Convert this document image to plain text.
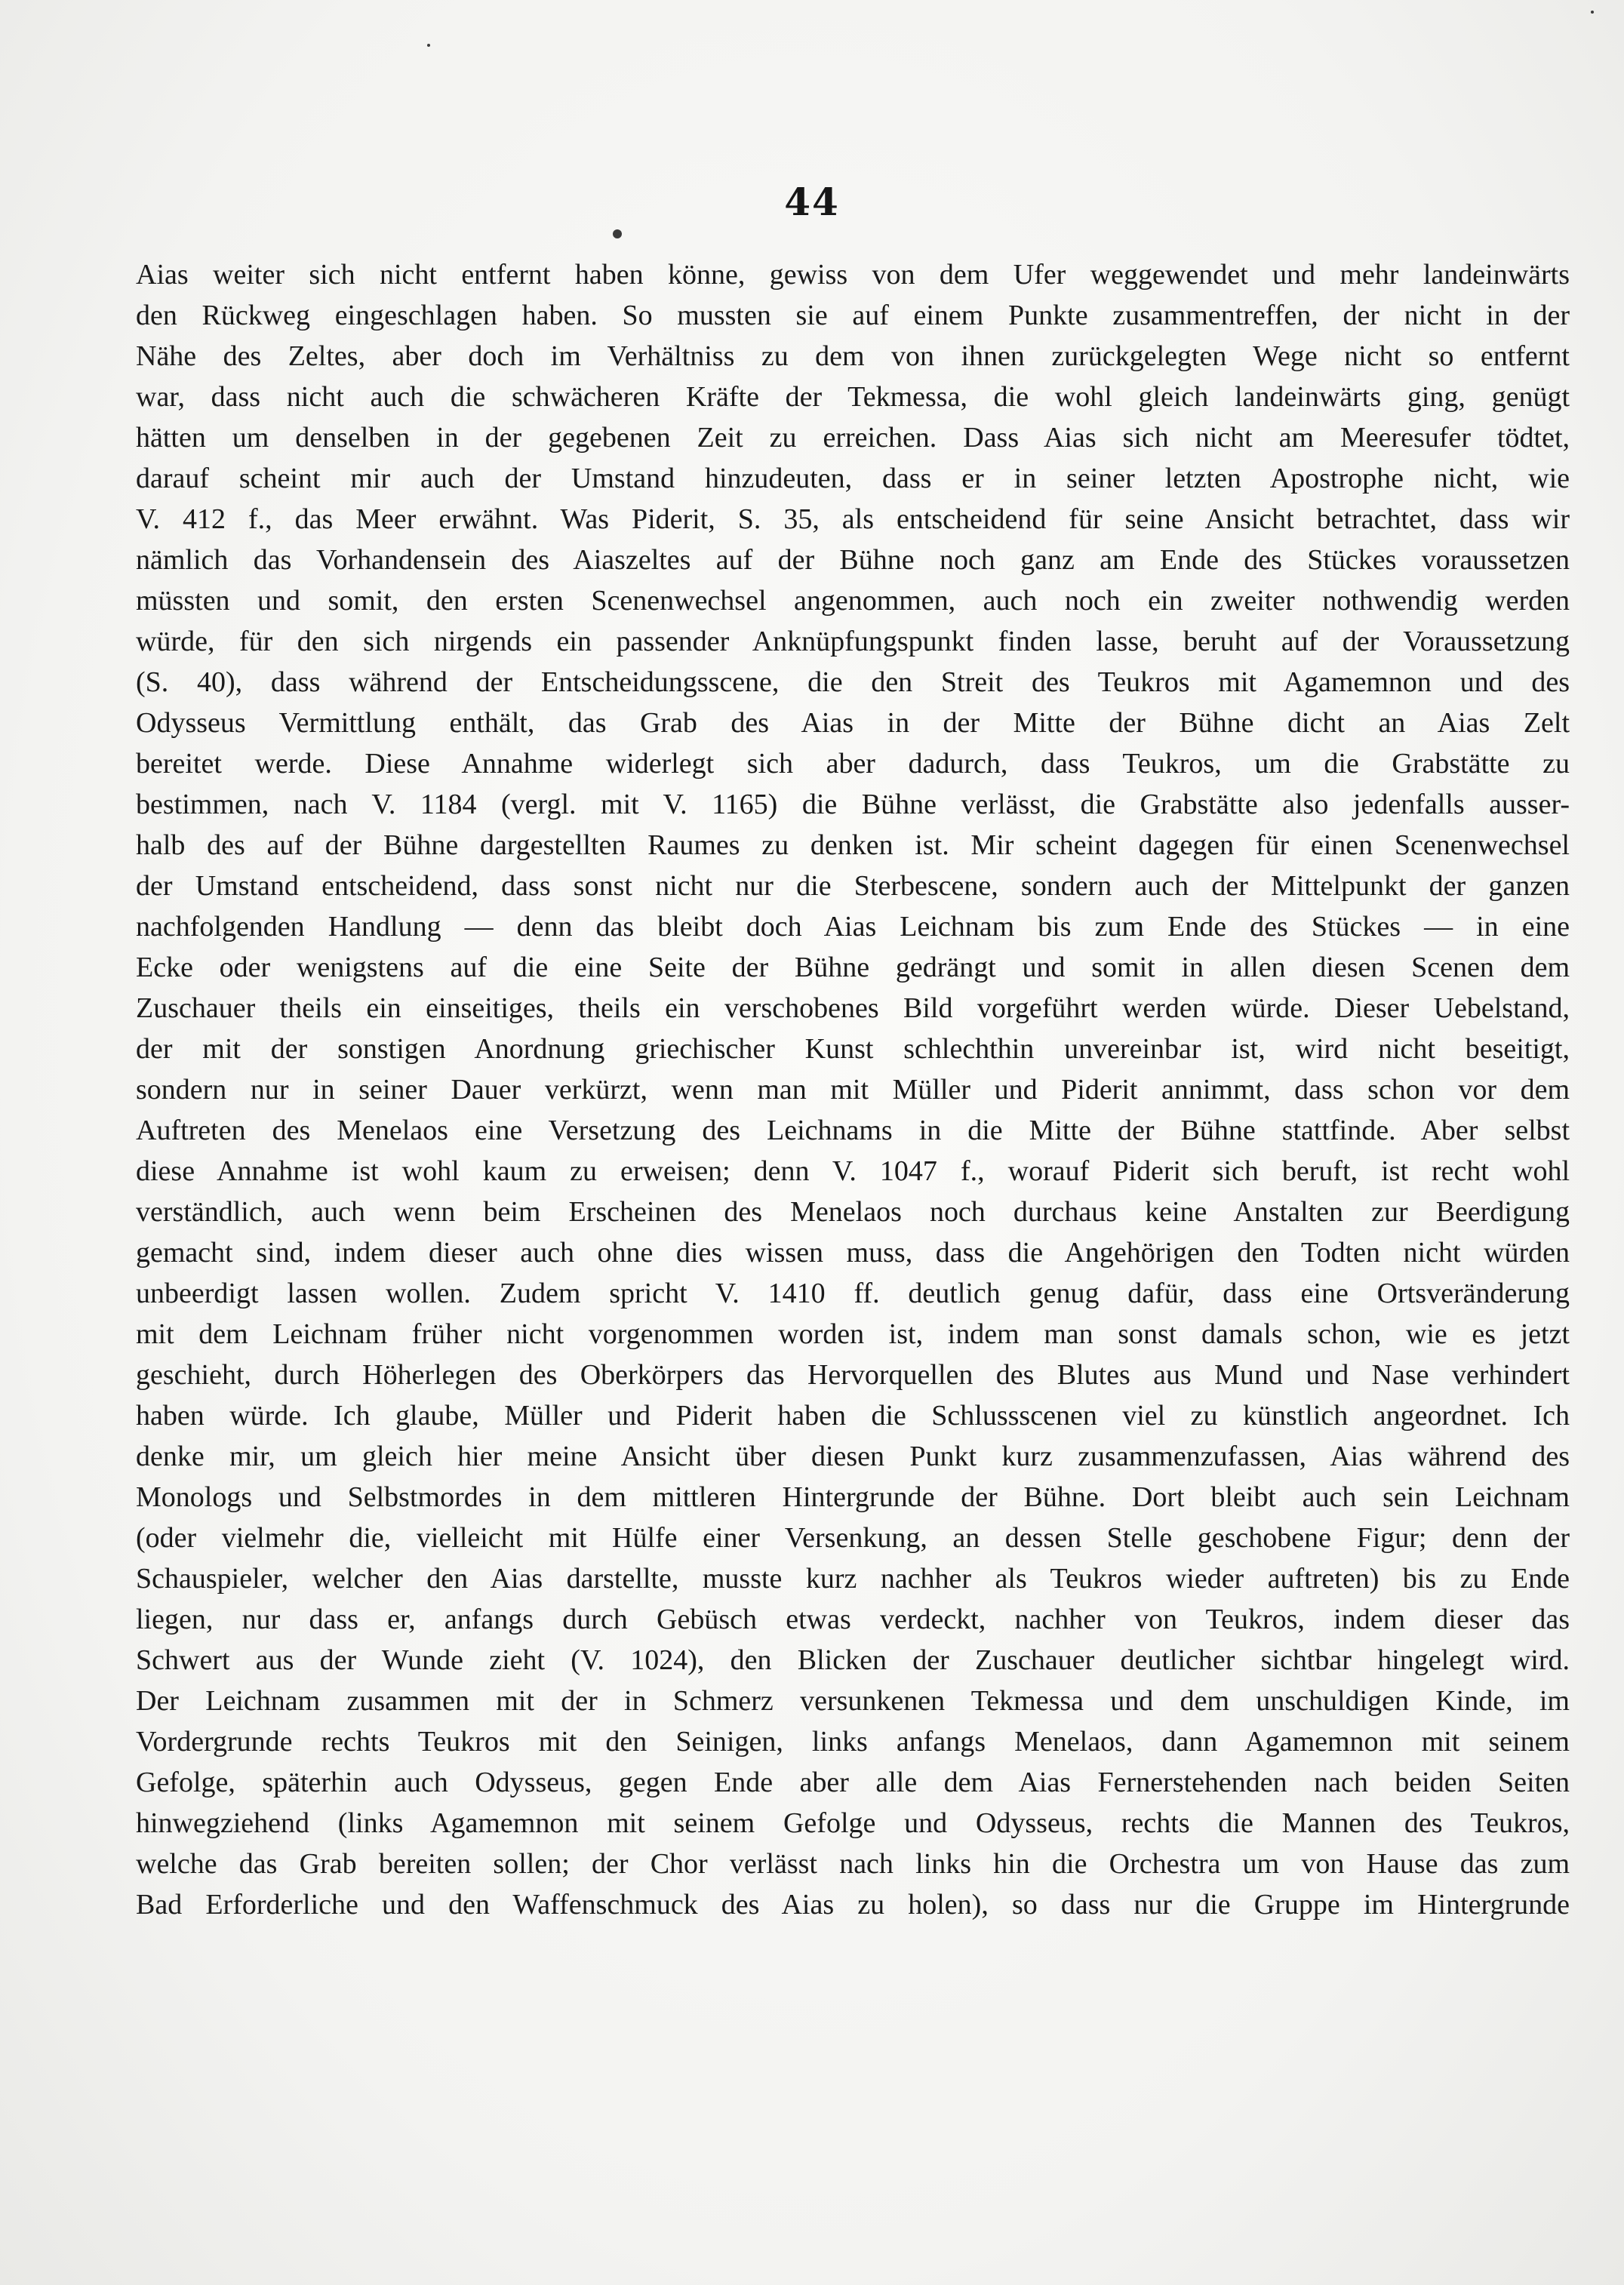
44
Aias weiter sich nicht entfernt haben könne, gewiss von dem Ufer weggewendet und mehr landeinwärts
den Rückweg eingeschlagen haben. So mussten sie auf einem Punkte zusammentreffen, der nicht in der
Nähe des Zeltes, aber doch im Verhältniss zu dem von ihnen zurückgelegten Wege nicht so entfernt
war, dass nicht auch die schwächeren Kräfte der Tekmessa, die wohl gleich landeinwärts ging, genügt
hätten um denselben in der gegebenen Zeit zu erreichen. Dass Aias sich nicht am Meeresufer tödtet,
darauf scheint mir auch der Umstand hinzudeuten, dass er in seiner letzten Apostrophe nicht, wie
V. 412 f., das Meer erwähnt. Was Piderit, S. 35, als entscheidend für seine Ansicht betrachtet, dass wir
nämlich das Vorhandensein des Aiaszeltes auf der Bühne noch ganz am Ende des Stückes voraussetzen
müssten und somit, den ersten Scenenwechsel angenommen, auch noch ein zweiter nothwendig werden
würde, für den sich nirgends ein passender Anknüpfungspunkt finden lasse, beruht auf der Voraussetzung
(S. 40), dass während der Entscheidungsscene, die den Streit des Teukros mit Agamemnon und des
Odysseus Vermittlung enthält, das Grab des Aias in der Mitte der Bühne dicht an Aias Zelt
bereitet werde. Diese Annahme widerlegt sich aber dadurch, dass Teukros, um die Grabstätte zu
bestimmen, nach V. 1184 (vergl. mit V. 1165) die Bühne verlässt, die Grabstätte also jedenfalls ausser-
halb des auf der Bühne dargestellten Raumes zu denken ist. Mir scheint dagegen für einen Scenenwechsel
der Umstand entscheidend, dass sonst nicht nur die Sterbescene, sondern auch der Mittelpunkt der ganzen
nachfolgenden Handlung — denn das bleibt doch Aias Leichnam bis zum Ende des Stückes — in eine
Ecke oder wenigstens auf die eine Seite der Bühne gedrängt und somit in allen diesen Scenen dem
Zuschauer theils ein einseitiges, theils ein verschobenes Bild vorgeführt werden würde. Dieser Uebelstand,
der mit der sonstigen Anordnung griechischer Kunst schlechthin unvereinbar ist, wird nicht beseitigt,
sondern nur in seiner Dauer verkürzt, wenn man mit Müller und Piderit annimmt, dass schon vor dem
Auftreten des Menelaos eine Versetzung des Leichnams in die Mitte der Bühne stattfinde. Aber selbst
diese Annahme ist wohl kaum zu erweisen; denn V. 1047 f., worauf Piderit sich beruft, ist recht wohl
verständlich, auch wenn beim Erscheinen des Menelaos noch durchaus keine Anstalten zur Beerdigung
gemacht sind, indem dieser auch ohne dies wissen muss, dass die Angehörigen den Todten nicht würden
unbeerdigt lassen wollen. Zudem spricht V. 1410 ff. deutlich genug dafür, dass eine Ortsveränderung
mit dem Leichnam früher nicht vorgenommen worden ist, indem man sonst damals schon, wie es jetzt
geschieht, durch Höherlegen des Oberkörpers das Hervorquellen des Blutes aus Mund und Nase verhindert
haben würde. Ich glaube, Müller und Piderit haben die Schlussscenen viel zu künstlich angeordnet. Ich
denke mir, um gleich hier meine Ansicht über diesen Punkt kurz zusammenzufassen, Aias während des
Monologs und Selbstmordes in dem mittleren Hintergrunde der Bühne. Dort bleibt auch sein Leichnam
(oder vielmehr die, vielleicht mit Hülfe einer Versenkung, an dessen Stelle geschobene Figur; denn der
Schauspieler, welcher den Aias darstellte, musste kurz nachher als Teukros wieder auftreten) bis zu Ende
liegen, nur dass er, anfangs durch Gebüsch etwas verdeckt, nachher von Teukros, indem dieser das
Schwert aus der Wunde zieht (V. 1024), den Blicken der Zuschauer deutlicher sichtbar hingelegt wird.
Der Leichnam zusammen mit der in Schmerz versunkenen Tekmessa und dem unschuldigen Kinde, im
Vordergrunde rechts Teukros mit den Seinigen, links anfangs Menelaos, dann Agamemnon mit seinem
Gefolge, späterhin auch Odysseus, gegen Ende aber alle dem Aias Fernerstehenden nach beiden Seiten
hinwegziehend (links Agamemnon mit seinem Gefolge und Odysseus, rechts die Mannen des Teukros,
welche das Grab bereiten sollen; der Chor verlässt nach links hin die Orchestra um von Hause das zum
Bad Erforderliche und den Waffenschmuck des Aias zu holen), so dass nur die Gruppe im Hintergrunde
